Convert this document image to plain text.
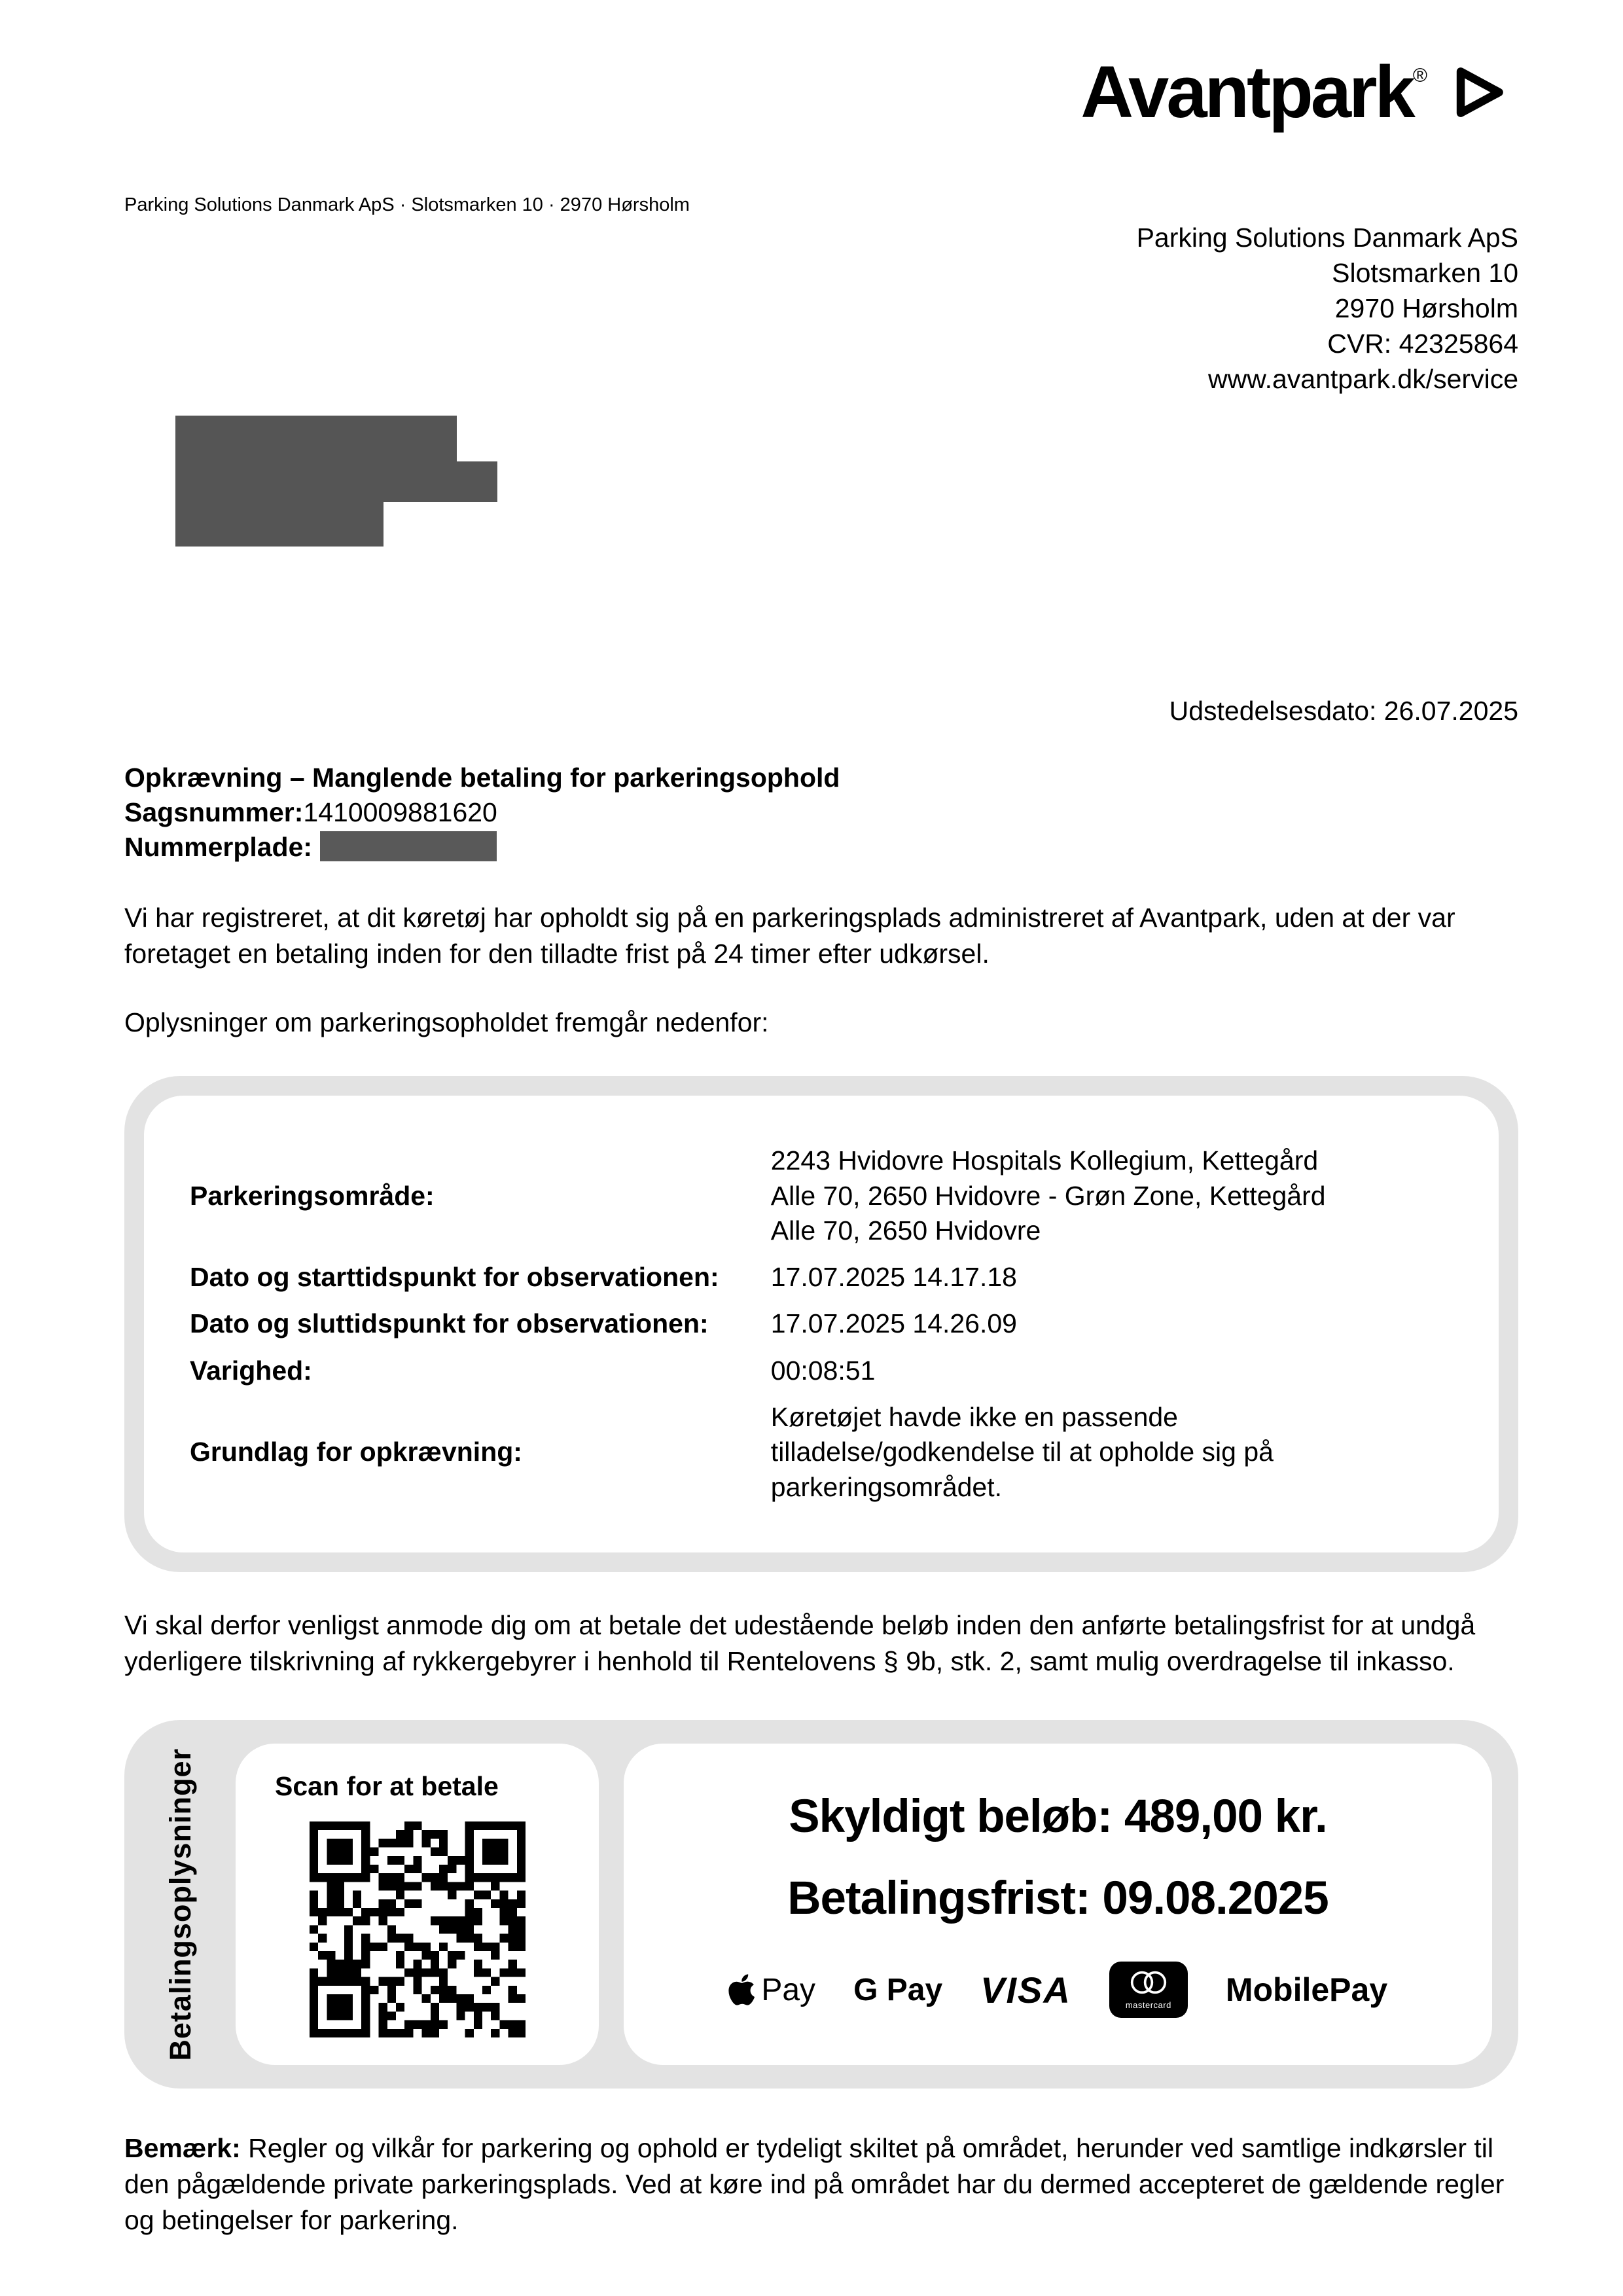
Avantpark®
Parking Solutions Danmark ApS · Slotsmarken 10 · 2970 Hørsholm
Parking Solutions Danmark ApS
Slotsmarken 10
2970 Hørsholm
CVR: 42325864
www.avantpark.dk/service
Udstedelsesdato: 26.07.2025
Opkrævning – Manglende betaling for parkeringsophold
Sagsnummer:1410009881620
Nummerplade:
Vi har registreret, at dit køretøj har opholdt sig på en parkeringsplads administreret af Avantpark, uden at der var foretaget en betaling inden for den tilladte frist på 24 timer efter udkørsel.
Oplysninger om parkeringsopholdet fremgår nedenfor:
Parkeringsområde:
2243 Hvidovre Hospitals Kollegium, Kettegård Alle 70, 2650 Hvidovre - Grøn Zone, Kettegård Alle 70, 2650 Hvidovre
Dato og starttidspunkt for observationen:	17.07.2025 14.17.18
Dato og sluttidspunkt for observationen:	17.07.2025 14.26.09
Varighed:	00:08:51
Grundlag for opkrævning:
Køretøjet havde ikke en passende tilladelse/godkendelse til at opholde sig på parkeringsområdet.
Vi skal derfor venligst anmode dig om at betale det udestående beløb inden den anførte betalingsfrist for at undgå yderligere tilskrivning af rykkergebyrer i henhold til Rentelovens § 9b, stk. 2, samt mulig overdragelse til inkasso.
Betalingsoplysninger	Scan for at betale
Skyldigt beløb: 489,00 kr.
Betalingsfrist: 09.08.2025
Pay G Pay VISA	mastercard MobilePay
Bemærk: Regler og vilkår for parkering og ophold er tydeligt skiltet på området, herunder ved samtlige indkørsler til den pågældende private parkeringsplads. Ved at køre ind på området har du dermed accepteret de gældende regler og betingelser for parkering.
